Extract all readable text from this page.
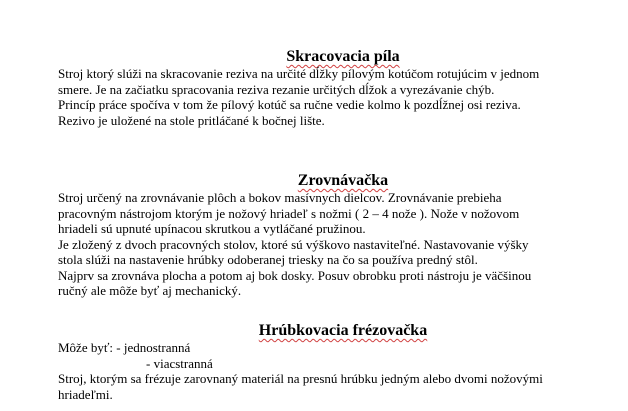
Skracovacia píla

Stroj ktorý slúži na skracovanie reziva na určité dĺžky pílovým kotúčom rotujúcim v jednom

smere. Je na začiatku spracovania reziva rezanie určitých dĺžok a vyrezávanie chýb.

Princíp práce spočíva v tom že pílový kotúč sa ručne vedie kolmo k pozdĺžnej osi reziva.

Rezivo je uložené na stole pritláčané k bočnej lište.

Zrovnávačka

Stroj určený na zrovnávanie plôch a bokov masívnych dielcov. Zrovnávanie prebieha

pracovným nástrojom ktorým je nožový hriadeľ s nožmi ( 2 – 4 nože ). Nože v nožovom

hriadeli sú upnuté upínacou skrutkou a vytláčané pružinou.

Je zložený z dvoch pracovných stolov, ktoré sú výškovo nastaviteľné. Nastavovanie výšky

stola slúži na nastavenie hrúbky odoberanej triesky na čo sa používa predný stôl.

Najprv sa zrovnáva plocha a potom aj bok dosky. Posuv obrobku proti nástroju je väčšinou

ručný ale môže byť aj mechanický.

Hrúbkovacia frézovačka

Môže byť: - jednostranná

- viacstranná

Stroj, ktorým sa frézuje zarovnaný materiál na presnú hrúbku jedným alebo dvomi nožovými

hriadeľmi.
